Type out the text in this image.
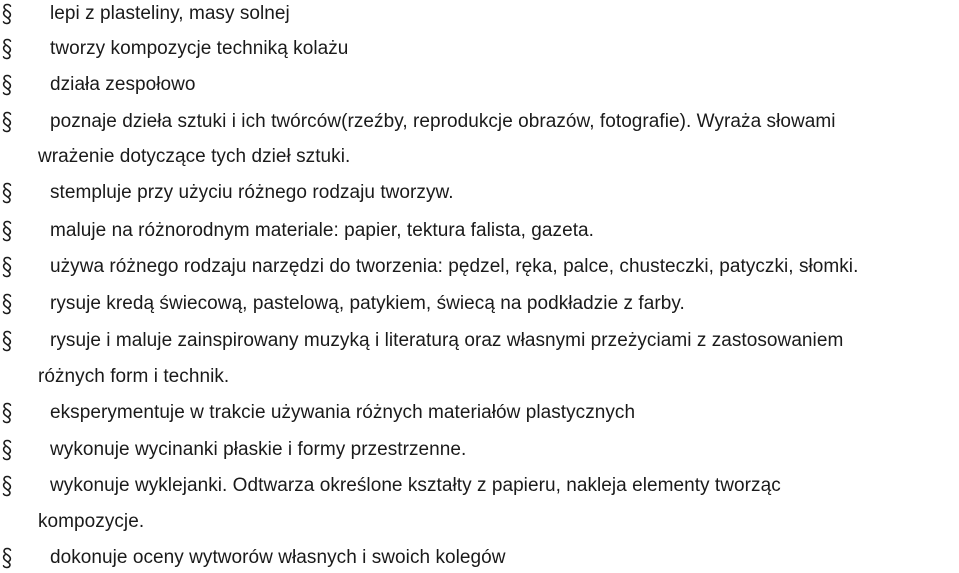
lepi z plasteliny, masy solnej
tworzy kompozycje techniką kolażu
działa zespołowo
poznaje dzieła sztuki i ich twórców(rzeźby, reprodukcje obrazów, fotografie). Wyraża słowami
wrażenie dotyczące tych dzieł sztuki.
stempluje przy użyciu różnego rodzaju tworzyw.
maluje na różnorodnym materiale: papier, tektura falista, gazeta.
używa różnego rodzaju narzędzi do tworzenia: pędzel, ręka, palce, chusteczki, patyczki, słomki.
rysuje kredą świecową, pastelową, patykiem, świecą na podkładzie z farby.
rysuje i maluje zainspirowany muzyką i literaturą oraz własnymi przeżyciami z zastosowaniem
różnych form i technik.
eksperymentuje w trakcie używania różnych materiałów plastycznych
wykonuje wycinanki płaskie i formy przestrzenne.
wykonuje wyklejanki. Odtwarza określone kształty z papieru, nakleja elementy tworząc
kompozycje.
dokonuje oceny wytworów własnych i swoich kolegów
